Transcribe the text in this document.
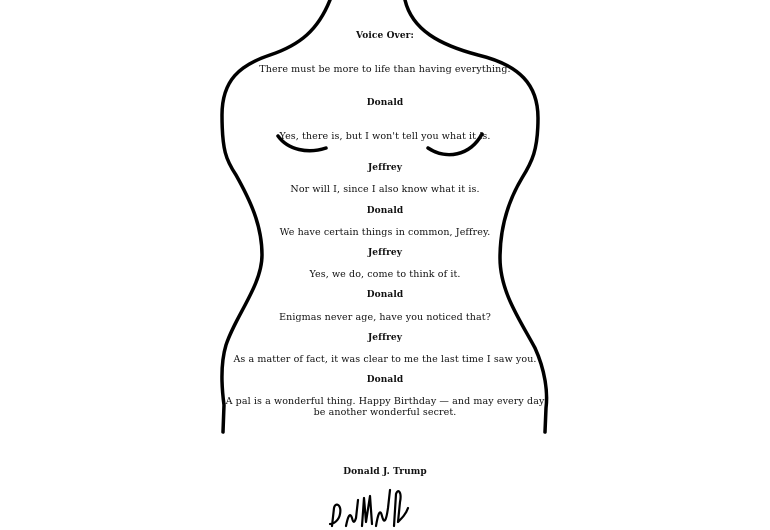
Voice Over:
There must be more to life than having everything.
Donald
Yes, there is, but I won't tell you what it is.
Jeffrey
Nor will I, since I also know what it is.
Donald
We have certain things in common, Jeffrey.
Jeffrey
Yes, we do, come to think of it.
Donald
Enigmas never age, have you noticed that?
Jeffrey
As a matter of fact, it was clear to me the last time I saw you.
Donald
A pal is a wonderful thing. Happy Birthday — and may every day be another wonderful secret.
Donald J. Trump
